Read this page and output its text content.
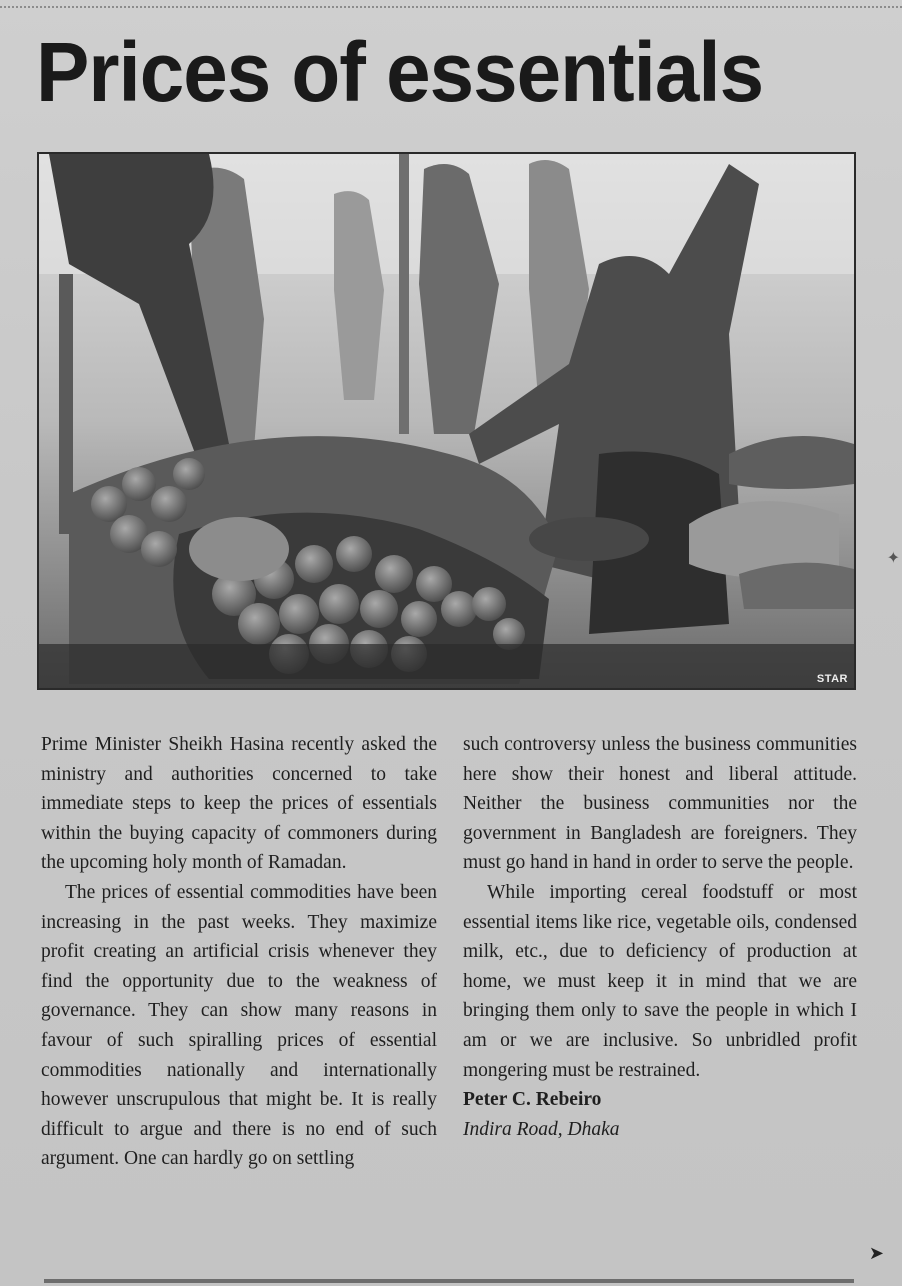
Prices of essentials
STAR

Prime Minister Sheikh Hasina recently asked the ministry and authorities concerned to take immediate steps to keep the prices of essentials within the buying capacity of commoners during the upcoming holy month of Ramadan.

The prices of essential commodities have been increasing in the past weeks. They maximize profit creating an artificial crisis whenever they find the opportunity due to the weakness of governance. They can show many reasons in favour of such spiralling prices of essential commodities nationally and internationally however unscrupulous that might be. It is really difficult to argue and there is no end of such argument. One can hardly go on settling

such controversy unless the business communities here show their honest and liberal attitude. Neither the business communities nor the government in Bangladesh are foreigners. They must go hand in hand in order to serve the people.

While importing cereal foodstuff or most essential items like rice, vegetable oils, condensed milk, etc., due to deficiency of production at home, we must keep it in mind that we are bringing them only to save the people in which I am or we are inclusive. So unbridled profit mongering must be restrained.

Peter C. Rebeiro

Indira Road, Dhaka

✦
➤
